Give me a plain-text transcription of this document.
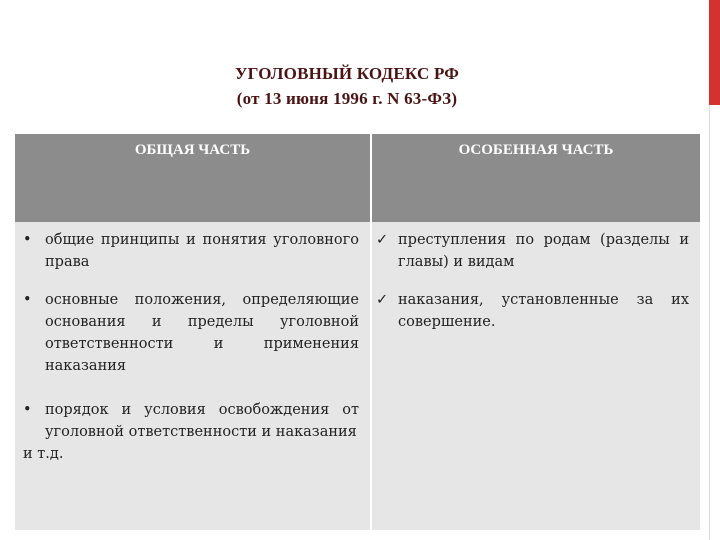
УГОЛОВНЫЙ КОДЕКС РФ
(от 13 июня 1996 г. N 63-ФЗ)
ОБЩАЯ ЧАСТЬ	ОСОБЕННАЯ ЧАСТЬ
• общие принципы и понятия уголовного права
• основные положения, определяющие основания и пределы уголовной ответственности и применения наказания
• порядок и условия освобождения от уголовной ответственности и наказания
и т.д.
✓ преступления по родам (разделы и главы) и видам
✓ наказания, установленные за их совершение.
